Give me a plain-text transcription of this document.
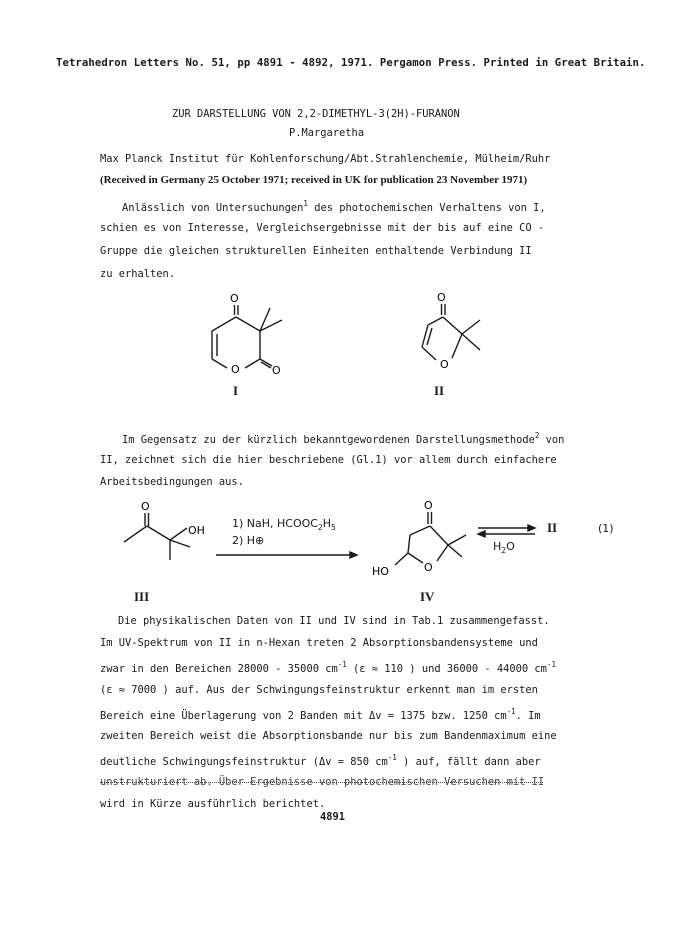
Tetrahedron Letters No. 51, pp 4891 - 4892, 1971. Pergamon Press. Printed in Great Britain.
ZUR DARSTELLUNG VON 2,2-DIMETHYL-3(2H)-FURANON
P.Margaretha
Max Planck Institut für Kohlenforschung/Abt.Strahlenchemie, Mülheim/Ruhr
(Received in Germany 25 October 1971; received in UK for publication 23 November 1971)
Anlässlich von Untersuchungen$^1$ des photochemischen Verhaltens von I,
schien es von Interesse, Vergleichsergebnisse mit der bis auf eine CO -
Gruppe die gleichen strukturellen Einheiten enthaltende Verbindung II
zu erhalten.
O
O	O
O
O
I	II
Im Gegensatz zu der kürzlich bekanntgewordenen Darstellungsmethode$^2$ von
II, zeichnet sich die hier beschriebene (Gl.1) vor allem durch einfachere
Arbeitsbedingungen aus.
O
OH
O
O
HO
1) NaH, $HCOOC_2H_5$
2) H⊕	$H_2O$
II	(1)
III	IV
Die physikalischen Daten von II und IV sind in Tab.1 zusammengefasst.
Im UV-Spektrum von II in n-Hexan treten 2 Absorptionsbandensysteme und
zwar in den Bereichen 28000 - 35000 $cm^{-1}$ (ε ≈ 110 ) und 36000 - 44000 $cm^{-1}$
(ε ≈ 7000 ) auf. Aus der Schwingungsfeinstruktur erkennt man im ersten
Bereich eine Überlagerung von 2 Banden mit Δv = 1375 bzw. 1250 $cm^{-1}$. Im
zweiten Bereich weist die Absorptionsbande nur bis zum Bandenmaximum eine
deutliche Schwingungsfeinstruktur (Δv = 850 $cm^{-1}$ ) auf, fällt dann aber
unstrukturiert ab. Über Ergebnisse von photochemischen Versuchen mit II
wird in Kürze ausführlich berichtet.
4891
